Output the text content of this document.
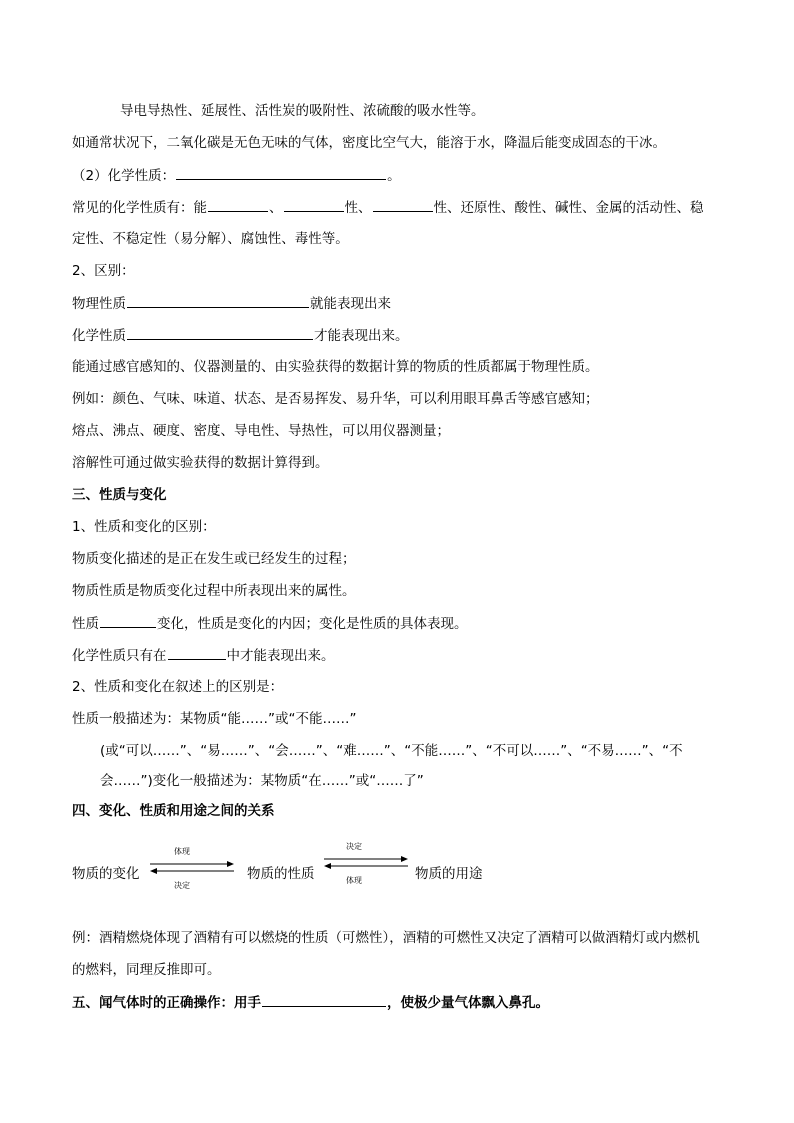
导电导热性、延展性、活性炭的吸附性、浓硫酸的吸水性等。
如通常状况下，二氧化碳是无色无味的气体，密度比空气大，能溶于水，降温后能变成固态的干冰。
（2）化学性质：	。
常见的化学性质有：能	、	性、	性、还原性、酸性、碱性、金属的活动性、稳
定性、不稳定性（易分解）、腐蚀性、毒性等。
2、区别：
物理性质	就能表现出来
化学性质	才能表现出来。
能通过感官感知的、仪器测量的、由实验获得的数据计算的物质的性质都属于物理性质。
例如：颜色、气味、味道、状态、是否易挥发、易升华，可以利用眼耳鼻舌等感官感知；
熔点、沸点、硬度、密度、导电性、导热性，可以用仪器测量；
溶解性可通过做实验获得的数据计算得到。
三、性质与变化
1、性质和变化的区别：
物质变化描述的是正在发生或已经发生的过程；
物质性质是物质变化过程中所表现出来的属性。
性质	变化，性质是变化的内因；变化是性质的具体表现。
化学性质只有在	中才能表现出来。
2、性质和变化在叙述上的区别是：
性质一般描述为：某物质“能……”或“不能……”
(或“可以……”、“易……”、“会……”、“难……”、“不能……”、“不可以……”、“不易……”、“不
会……”)变化一般描述为：某物质“在……”或“……了”
四、变化、性质和用途之间的关系
物质的变化
体现
决定
物质的性质
决定
体现	物质的用途
例：酒精燃烧体现了酒精有可以燃烧的性质（可燃性），酒精的可燃性又决定了酒精可以做酒精灯或内燃机
的燃料，同理反推即可。
五、闻气体时的正确操作：用手	，使极少量气体飘入鼻孔。
